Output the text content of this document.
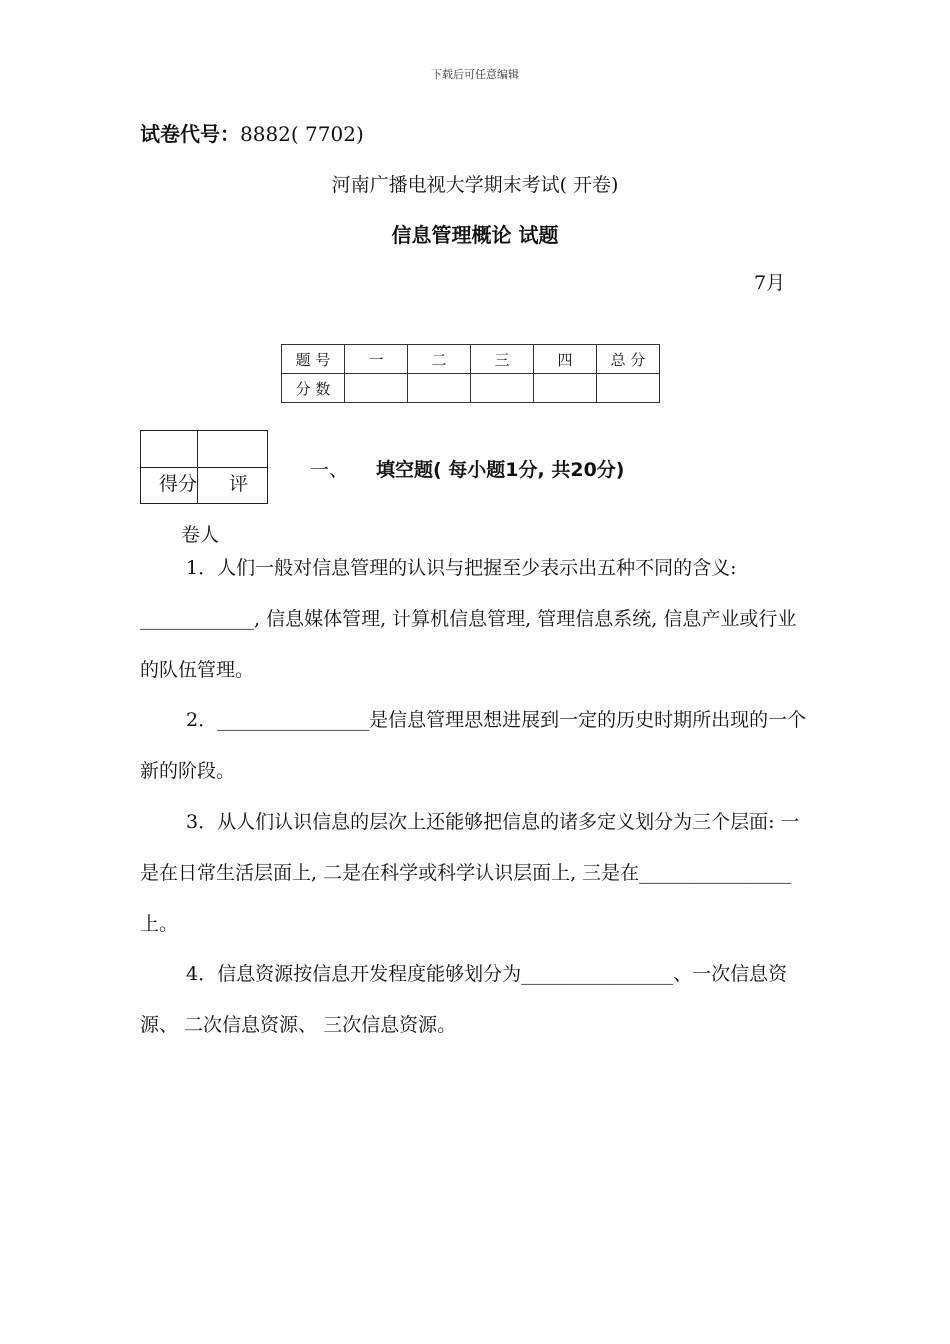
下载后可任意编辑
试卷代号：8882( 7702)
河南广播电视大学期末考试( 开卷)
信息管理概论 试题
7月
题 号	一	二	三	四	总 分
分 数					
得分 评
卷人
一、 填空题( 每小题1分, 共20分)
1．人们一般对信息管理的认识与把握至少表示出五种不同的含义: ____________, 信息媒体管理, 计算机信息管理, 管理信息系统, 信息产业或行业的队伍管理。
2．________________是信息管理思想进展到一定的历史时期所出现的一个新的阶段。
3．从人们认识信息的层次上还能够把信息的诸多定义划分为三个层面: 一是在日常生活层面上, 二是在科学或科学认识层面上, 三是在________________上。
4．信息资源按信息开发程度能够划分为________________、一次信息资源、 二次信息资源、 三次信息资源。
